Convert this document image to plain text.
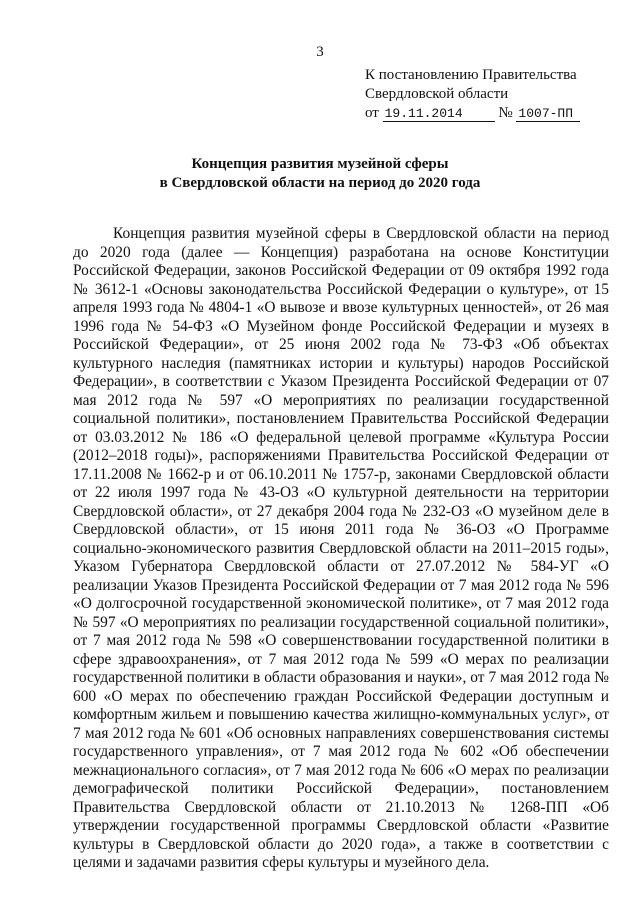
3
К постановлению Правительства
Свердловской области
от 19.11.2014 № 1007-ПП
Концепция развития музейной сферы
в Свердловской области на период до 2020 года

Концепция развития музейной сферы в Свердловской области на период до 2020 года (далее — Концепция) разработана на основе Конституции Российской Федерации, законов Российской Федерации от 09 октября 1992 года № 3612-1 «Основы законодательства Российской Федерации о культуре», от 15 апреля 1993 года № 4804-1 «О вывозе и ввозе культурных ценностей», от 26 мая 1996 года № 54-ФЗ «О Музейном фонде Российской Федерации и музеях в Российской Федерации», от 25 июня 2002 года № 73-ФЗ «Об объектах культурного наследия (памятниках истории и культуры) народов Российской Федерации», в соответствии с Указом Президента Российской Федерации от 07 мая 2012 года № 597 «О мероприятиях по реализации государственной социальной политики», постановлением Правительства Российской Федерации от 03.03.2012 № 186 «О федеральной целевой программе «Культура России (2012–2018 годы)», распоряжениями Правительства Российской Федерации от 17.11.2008 № 1662-р и от 06.10.2011 № 1757-р, законами Свердловской области от 22 июля 1997 года № 43-ОЗ «О культурной деятельности на территории Свердловской области», от 27 декабря 2004 года № 232-ОЗ «О музейном деле в Свердловской области», от 15 июня 2011 года № 36-ОЗ «О Программе социально-экономического развития Свердловской области на 2011–2015 годы», Указом Губернатора Свердловской области от 27.07.2012 № 584-УГ «О реализации Указов Президента Российской Федерации от 7 мая 2012 года № 596 «О долгосрочной государственной экономической политике», от 7 мая 2012 года № 597 «О мероприятиях по реализации государственной социальной политики», от 7 мая 2012 года № 598 «О совершенствовании государственной политики в сфере здравоохранения», от 7 мая 2012 года № 599 «О мерах по реализации государственной политики в области образования и науки», от 7 мая 2012 года № 600 «О мерах по обеспечению граждан Российской Федерации доступным и комфортным жильем и повышению качества жилищно-коммунальных услуг», от 7 мая 2012 года № 601 «Об основных направлениях совершенствования системы государственного управления», от 7 мая 2012 года № 602 «Об обеспечении межнационального согласия», от 7 мая 2012 года № 606 «О мерах по реализации демографической политики Российской Федерации», постановлением Правительства Свердловской области от 21.10.2013 № 1268-ПП «Об утверждении государственной программы Свердловской области «Развитие культуры в Свердловской области до 2020 года», а также в соответствии с целями и задачами развития сферы культуры и музейного дела.
